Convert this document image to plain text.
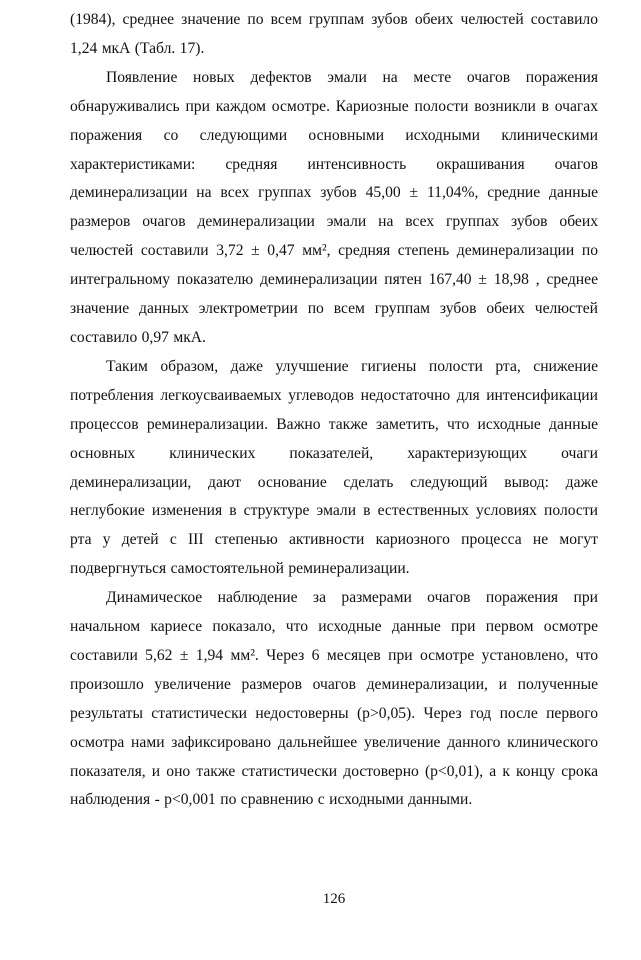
(1984), среднее значение по всем группам зубов обеих челюстей составило 1,24 мкА (Табл. 17).

Появление новых дефектов эмали на месте очагов поражения обнаруживались при каждом осмотре. Кариозные полости возникли в очагах поражения со следующими основными исходными клиническими характеристиками: средняя интенсивность окрашивания очагов деминерализации на всех группах зубов 45,00 ± 11,04%, средние данные размеров очагов деминерализации эмали на всех группах зубов обеих челюстей составили 3,72 ± 0,47 мм², средняя степень деминерализации по интегральному показателю деминерализации пятен 167,40 ± 18,98 , среднее значение данных электрометрии по всем группам зубов обеих челюстей составило 0,97 мкА.

Таким образом, даже улучшение гигиены полости рта, снижение потребления легкоусваиваемых углеводов недостаточно для интенсификации процессов реминерализации. Важно также заметить, что исходные данные основных клинических показателей, характеризующих очаги деминерализации, дают основание сделать следующий вывод: даже неглубокие изменения в структуре эмали в естественных условиях полости рта у детей с III степенью активности кариозного процесса не могут подвергнуться самостоятельной реминерализации.

Динамическое наблюдение за размерами очагов поражения при начальном кариесе показало, что исходные данные при первом осмотре составили 5,62 ± 1,94 мм². Через 6 месяцев при осмотре установлено, что произошло увеличение размеров очагов деминерализации, и полученные результаты статистически недостоверны (p>0,05). Через год после первого осмотра нами зафиксировано дальнейшее увеличение данного клинического показателя, и оно также статистически достоверно (p<0,01), а к концу срока наблюдения - p<0,001 по сравнению с исходными данными.

126
